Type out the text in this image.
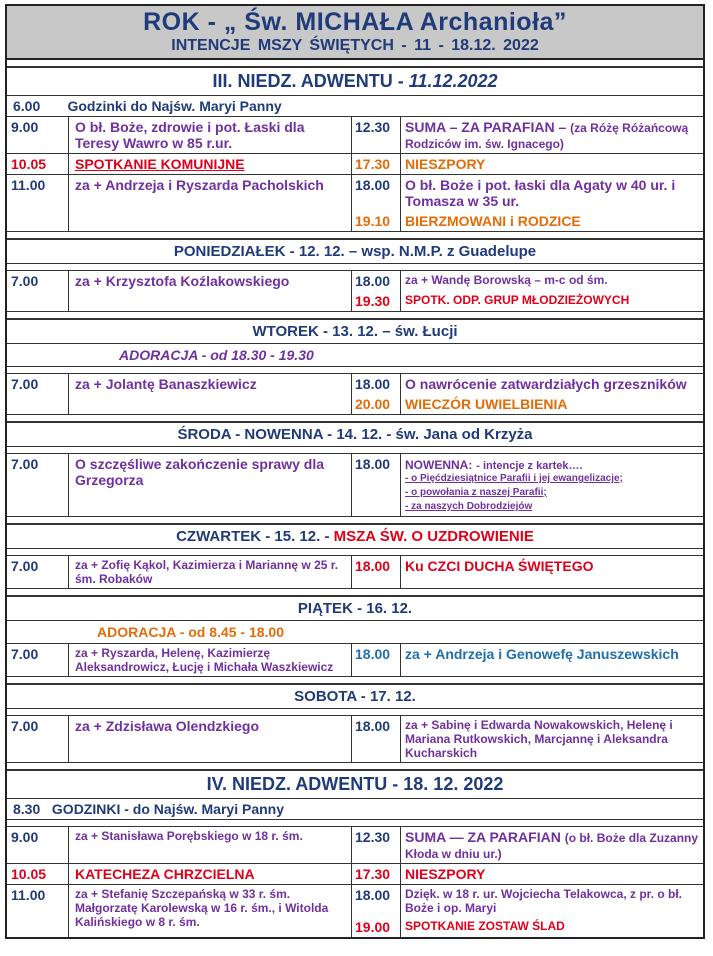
ROK - „ Św. MICHAŁA Archanioła”
INTENCJE MSZY ŚWIĘTYCH - 11 - 18.12. 2022
III. NIEDZ. ADWENTU - 11.12.2022
6.00 Godzinki do Najśw. Maryi Panny
9.00	O bł. Boże, zdrowie i pot. Łaski dla Teresy Wawro w 85 r.ur.
12.30	SUMA – ZA PARAFIAN – (za Różę Różańcową Rodziców im. św. Ignacego)
10.05	SPOTKANIE KOMUNIJNE	17.30	NIESZPORY
11.00	za + Andrzeja i Ryszarda Pacholskich	18.00	O bł. Boże i pot. łaski dla Agaty w 40 ur. i Tomasza w 35 ur.
19.10	BIERZMOWANI i RODZICE
PONIEDZIAŁEK - 12. 12. – wsp. N.M.P. z Guadelupe
7.00	za + Krzysztofa Koźlakowskiego	18.00	za + Wandę Borowską – m-c od śm.
19.30	SPOTK. ODP. GRUP MŁODZIEŻOWYCH
WTOREK - 13. 12. – św. Łucji
ADORACJA - od 18.30 - 19.30
7.00	za + Jolantę Banaszkiewicz	18.00	O nawrócenie zatwardziałych grzeszników
20.00	WIECZÓR UWIELBIENIA
ŚRODA - NOWENNA - 14. 12. - św. Jana od Krzyża
7.00	O szczęśliwe zakończenie sprawy dla Grzegorza
18.00	NOWENNA: - intencje z kartek….
- o Pięćdziesiątnice Parafii i jej ewangelizacje;
- o powołania z naszej Parafii;
- za naszych Dobrodziejów
CZWARTEK - 15. 12. - MSZA ŚW. O UZDROWIENIE
7.00	za + Zofię Kąkol, Kazimierza i Mariannę w 25 r. śm. Robaków
18.00	Ku CZCI DUCHA ŚWIĘTEGO
PIĄTEK - 16. 12.
ADORACJA - od 8.45 - 18.00
7.00	za + Ryszarda, Helenę, Kazimierzę Aleksandrowicz, Łucję i Michała Waszkiewicz
18.00	za + Andrzeja i Genowefę Januszewskich
SOBOTA - 17. 12.
7.00	za + Zdzisława Olendzkiego	18.00	za + Sabinę i Edwarda Nowakowskich, Helenę i Mariana Rutkowskich, Marcjannę i Aleksandra Kucharskich
IV. NIEDZ. ADWENTU - 18. 12. 2022
8.30 GODZINKI - do Najśw. Maryi Panny
9.00	za + Stanisława Porębskiego w 18 r. śm.	12.30	SUMA — ZA PARAFIAN (o bł. Boże dla Zuzanny Kłoda w dniu ur.)
10.05	KATECHEZA CHRZCIELNA	17.30	NIESZPORY
11.00	za + Stefanię Szczepańską w 33 r. śm. Małgorzatę Karolewską w 16 r. śm., i Witolda Kalińskiego w 8 r. śm.
18.00	Dzięk. w 18 r. ur. Wojciecha Telakowca, z pr. o bł. Boże i op. Maryi
19.00	SPOTKANIE ZOSTAW ŚLAD
